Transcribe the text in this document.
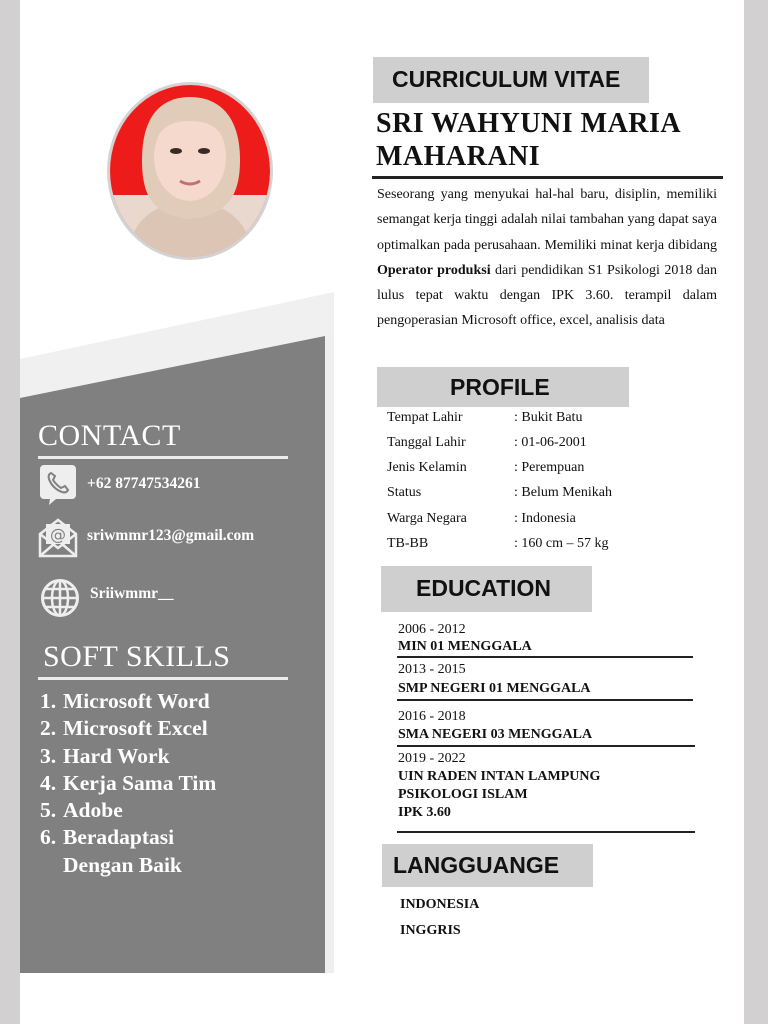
CURRICULUM VITAE
SRI WAHYUNI MARIA MAHARANI
Seseorang yang menyukai hal-hal baru, disiplin, memiliki semangat kerja tinggi adalah nilai tambahan yang dapat saya optimalkan pada perusahaan. Memiliki minat kerja dibidang Operator produksi dari pendidikan S1 Psikologi 2018 dan lulus tepat waktu dengan IPK 3.60. terampil dalam pengoperasian Microsoft office, excel, analisis data
PROFILE
Tempat Lahir	: Bukit Batu
Tanggal Lahir	: 01-06-2001
Jenis Kelamin	: Perempuan
Status	: Belum Menikah
Warga Negara	: Indonesia
TB-BB	: 160 cm – 57 kg
EDUCATION
2006 - 2012
MIN 01 MENGGALA
2013 - 2015
SMP NEGERI 01 MENGGALA
2016 - 2018
SMA NEGERI 03 MENGGALA
2019 - 2022
UIN RADEN INTAN LAMPUNG
PSIKOLOGI ISLAM
IPK 3.60
LANGGUANGE
INDONESIA
INGGRIS
CONTACT
+62 87747534261
@ sriwmmr123@gmail.com
Sriiwmmr__
SOFT SKILLS
1. Microsoft Word
2. Microsoft Excel
3. Hard Work
4. Kerja Sama Tim
5. Adobe
6. Beradaptasi Dengan Baik
